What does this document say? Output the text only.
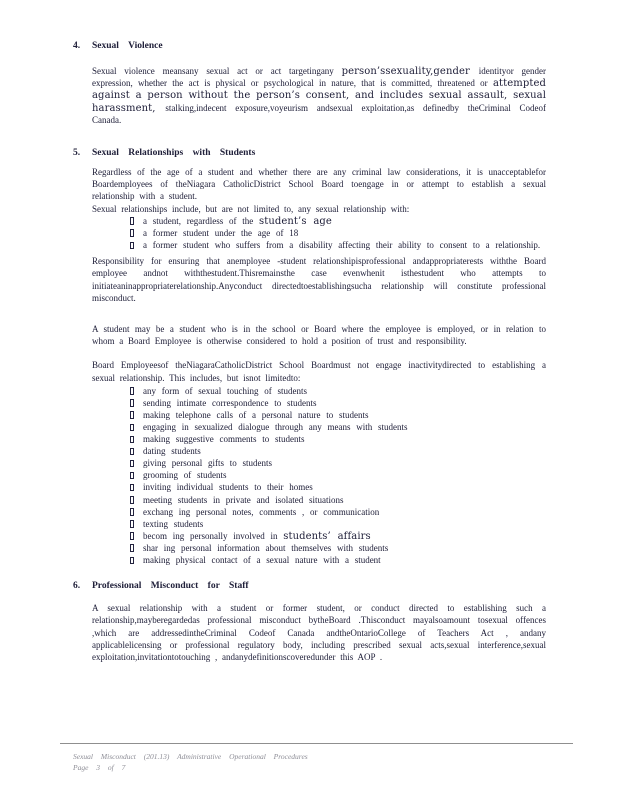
4.	Sexual Violence

Sexual violence meansany sexual act or act targetingany person’ssexuality,gender identityor gender expression, whether the act is physical or psychological in nature, that is committed, threatened or attempted against a person without the person’s consent, and includes sexual assault, sexual harassment, stalking,indecent exposure,voyeurism andsexual exploitation,as definedby theCriminal Codeof Canada.

5.	Sexual Relationships with Students

Regardless of the age of a student and whether there are any criminal law considerations, it is unacceptablefor Boardemployees of theNiagara CatholicDistrict School Board toengage in or attempt to establish a sexual relationship with a student.

Sexual relationships include, but are not limited to, any sexual relationship with:

a student, regardless of the student’s age
a former student under the age of 18
a former student who suffers from a disability affecting their ability to consent to a relationship.

Responsibility for ensuring that anemployee -student relationshipisprofessional andappropriaterests withthe Board employee andnot withthestudent.Thisremainsthe case evenwhenit isthestudent who attempts to initiateaninappropriaterelationship.Anyconduct directedtoestablishingsucha relationship will constitute professional misconduct.

A student may be a student who is in the school or Board where the employee is employed, or in relation to whom a Board Employee is otherwise considered to hold a position of trust and responsibility.

Board Employeesof theNiagaraCatholicDistrict School Boardmust not engage inactivitydirected to establishing a sexual relationship. This includes, but isnot limitedto:

any form of sexual touching of students
sending intimate correspondence to students
making telephone calls of a personal nature to students
engaging in sexualized dialogue through any means with students
making suggestive comments to students
dating students
giving personal gifts to students
grooming of students
inviting individual students to their homes
meeting students in private and isolated situations
exchang ing personal notes, comments , or communication
texting students
becom ing personally involved in students’ affairs
shar ing personal information about themselves with students
making physical contact of a sexual nature with a student
6.	Professional Misconduct for Staff

A sexual relationship with a student or former student, or conduct directed to establishing such a relationship,mayberegardedas professional misconduct bytheBoard .Thisconduct mayalsoamount tosexual offences ,which are addressedintheCriminal Codeof Canada andtheOntarioCollege of Teachers Act , andany applicablelicensing or professional regulatory body, including prescribed sexual acts,sexual interference,sexual exploitation,invitationtotouching , andanydefinitionscoveredunder this AOP .

Sexual Misconduct (201.13) Administrative Operational Procedures
Page 3 of 7
